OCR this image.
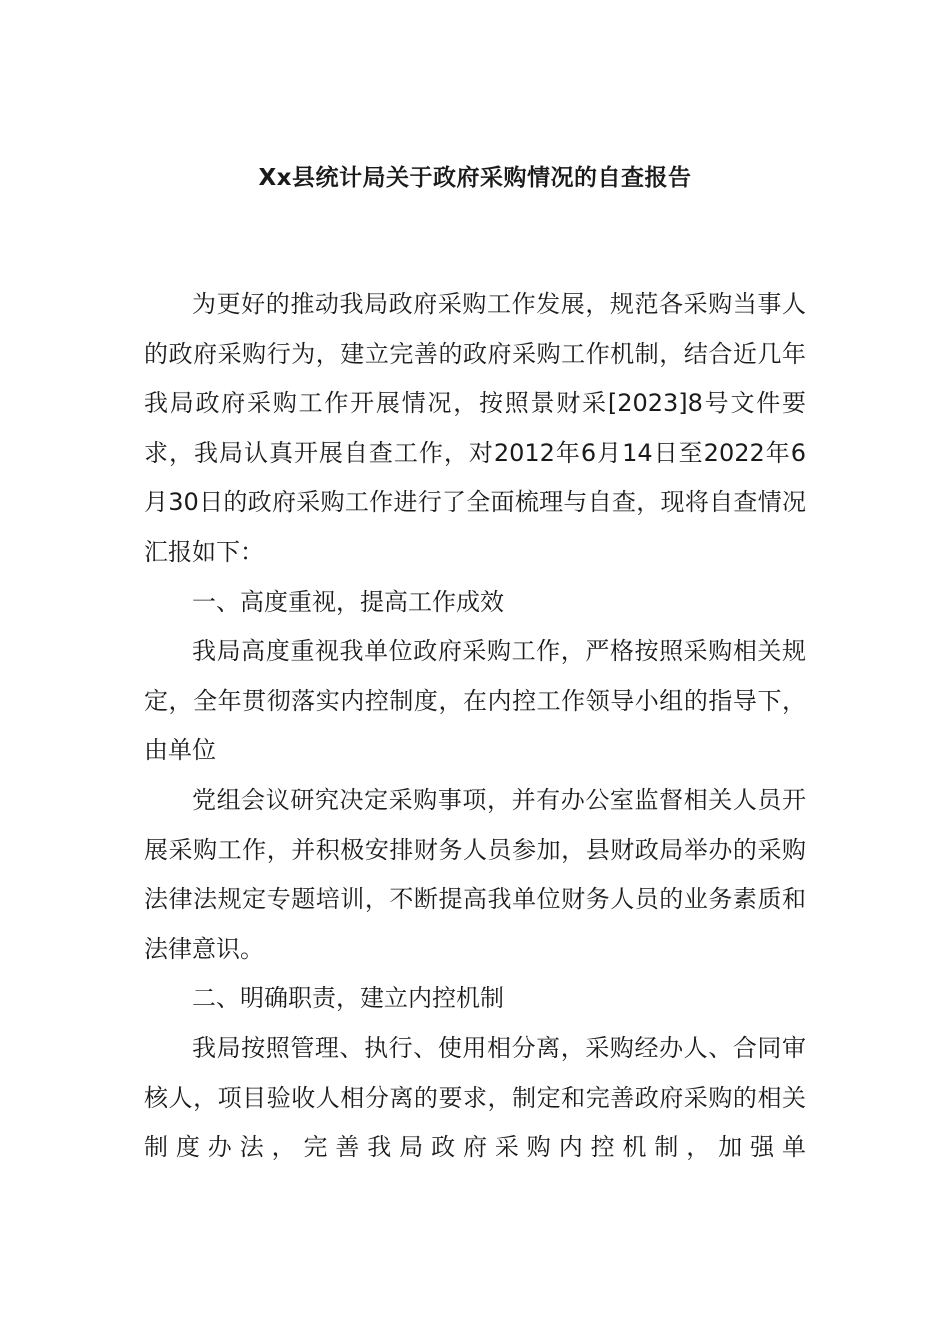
Xx县统计局关于政府采购情况的自查报告

为更好的推动我局政府采购工作发展，规范各采购当事人的政府采购行为，建立完善的政府采购工作机制，结合近几年我局政府采购工作开展情况，按照景财采[2023]8号文件要求，我局认真开展自查工作，对2012年6月14日至2022年6月30日的政府采购工作进行了全面梳理与自查，现将自查情况汇报如下：

一、高度重视，提高工作成效

我局高度重视我单位政府采购工作，严格按照采购相关规定，全年贯彻落实内控制度，在内控工作领导小组的指导下，由单位

党组会议研究决定采购事项，并有办公室监督相关人员开展采购工作，并积极安排财务人员参加，县财政局举办的采购法律法规定专题培训，不断提高我单位财务人员的业务素质和法律意识。

二、明确职责，建立内控机制

我局按照管理、执行、使用相分离，采购经办人、合同审核人，项目验收人相分离的要求，制定和完善政府采购的相关制度办法，完善我局政府采购内控机制，加强单
